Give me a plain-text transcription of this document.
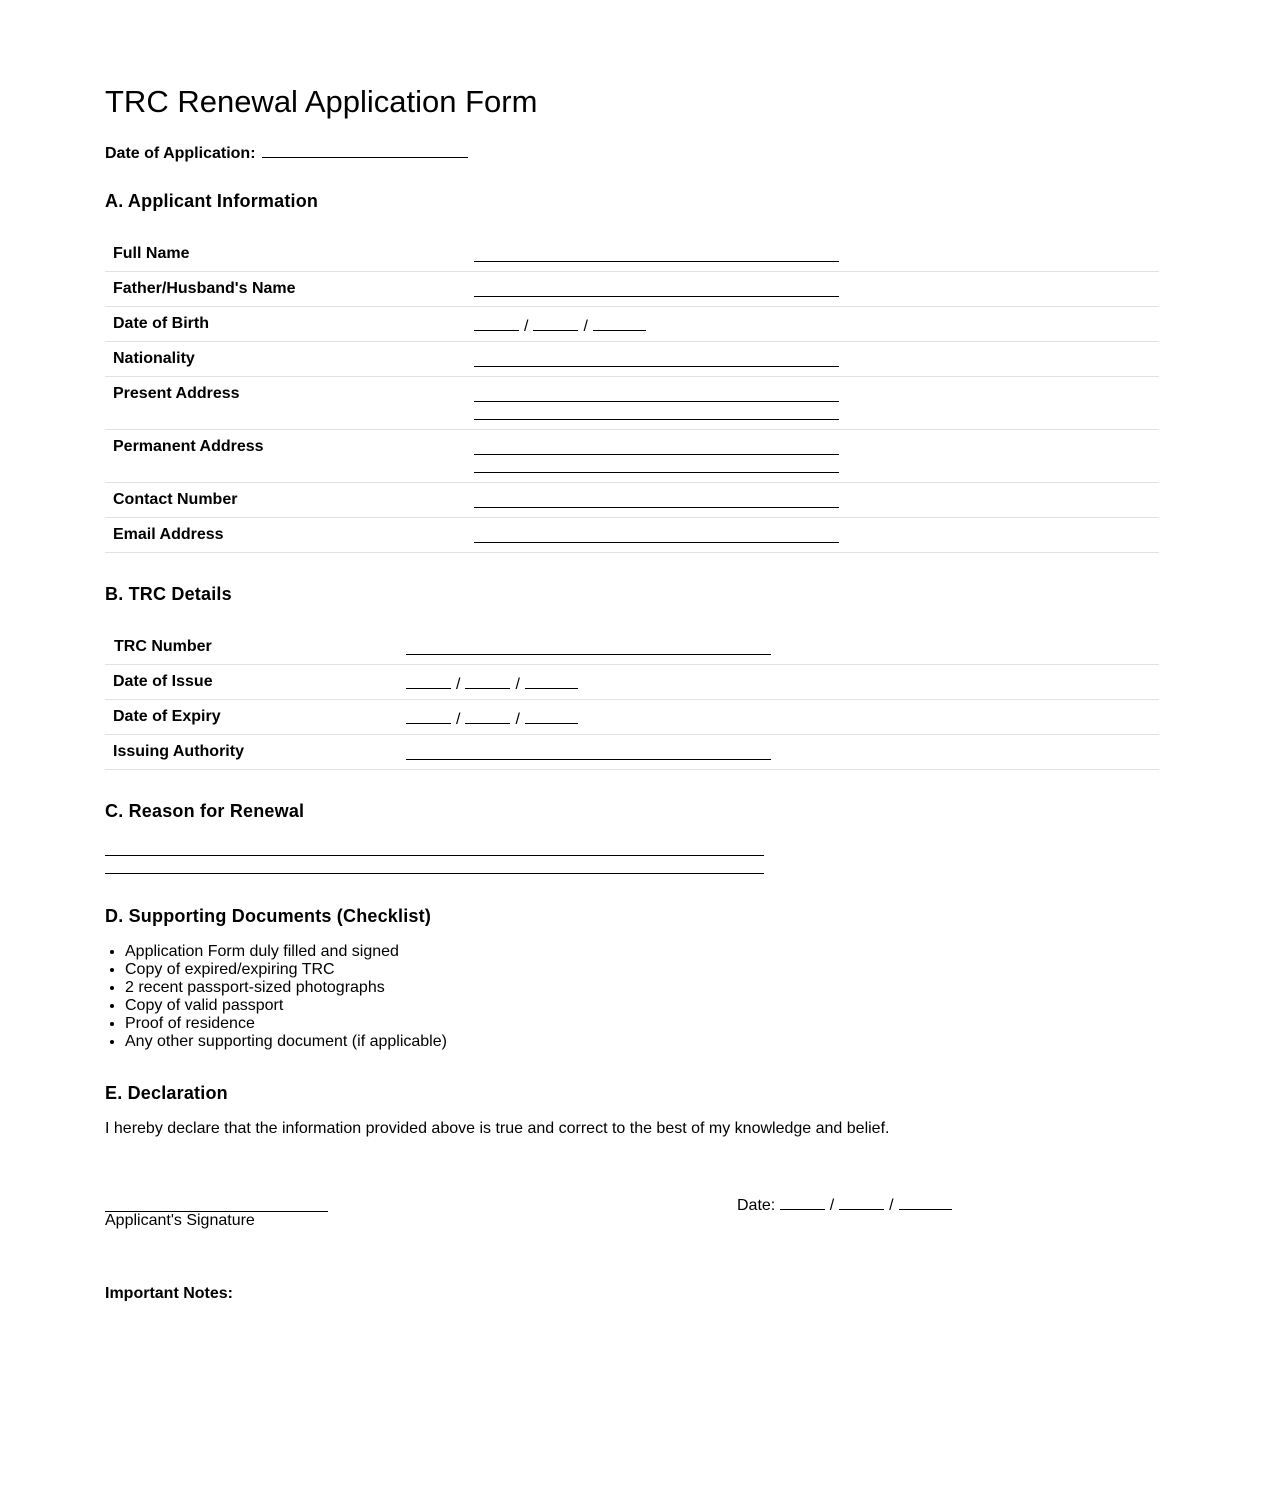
TRC Renewal Application Form
Date of Application:
A. Applicant Information
Full Name
Father/Husband's Name
Date of Birth	/	/
Nationality
Present Address
Permanent Address
Contact Number
Email Address
B. TRC Details
TRC Number
Date of Issue	/	/
Date of Expiry	/	/
Issuing Authority
C. Reason for Renewal
D. Supporting Documents (Checklist)
• Application Form duly filled and signed
• Copy of expired/expiring TRC
• 2 recent passport-sized photographs
• Copy of valid passport
• Proof of residence
• Any other supporting document (if applicable)
E. Declaration
I hereby declare that the information provided above is true and correct to the best of my knowledge and belief.
Applicant's Signature
Date:	/	/
Important Notes:
